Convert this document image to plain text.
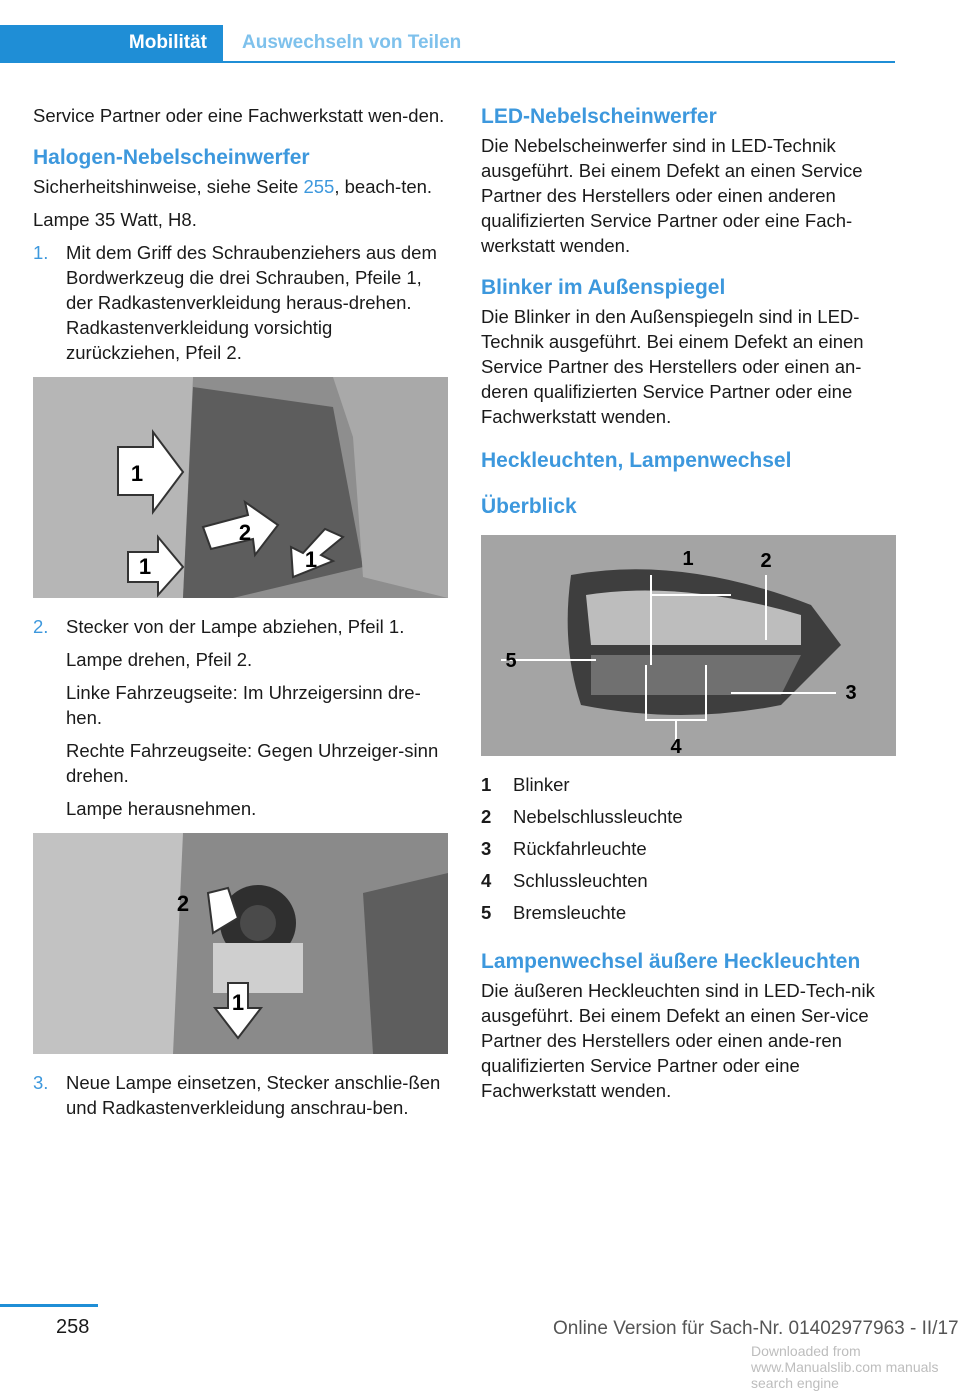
Mobilität Auswechseln von Teilen

Service Partner oder eine Fachwerkstatt wen-den.

Halogen-Nebelscheinwerfer

Sicherheitshinweise, siehe Seite 255, beach-ten.

Lampe 35 Watt, H8.

1. Mit dem Griff des Schraubenziehers aus dem Bordwerkzeug die drei Schrauben, Pfeile 1, der Radkastenverkleidung heraus-drehen. Radkastenverkleidung vorsichtig zurückziehen, Pfeil 2.

1
2
1	1
2. Stecker von der Lampe abziehen, Pfeil 1.

Lampe drehen, Pfeil 2.

Linke Fahrzeugseite: Im Uhrzeigersinn dre-hen.

Rechte Fahrzeugseite: Gegen Uhrzeiger-sinn drehen.

Lampe herausnehmen.

2
1
3. Neue Lampe einsetzen, Stecker anschlie-ßen und Radkastenverkleidung anschrau-ben.

LED-Nebelscheinwerfer

Die Nebelscheinwerfer sind in LED-Technik ausgeführt. Bei einem Defekt an einen Service Partner des Herstellers oder einen anderen qualifizierten Service Partner oder eine Fach-werkstatt wenden.

Blinker im Außenspiegel

Die Blinker in den Außenspiegeln sind in LED-Technik ausgeführt. Bei einem Defekt an einen Service Partner des Herstellers oder einen an-deren qualifizierten Service Partner oder eine Fachwerkstatt wenden.

Heckleuchten, Lampenwechsel
Überblick
1	2
3
4
5
1	Blinker
2	Nebelschlussleuchte
3	Rückfahrleuchte
4	Schlussleuchten
5	Bremsleuchte
Lampenwechsel äußere Heckleuchten

Die äußeren Heckleuchten sind in LED-Tech-nik ausgeführt. Bei einem Defekt an einen Ser-vice Partner des Herstellers oder einen ande-ren qualifizierten Service Partner oder eine Fachwerkstatt wenden.

258	Online Version für Sach-Nr. 01402977963 - II/17
Downloaded from www.Manualslib.com manuals search engine
